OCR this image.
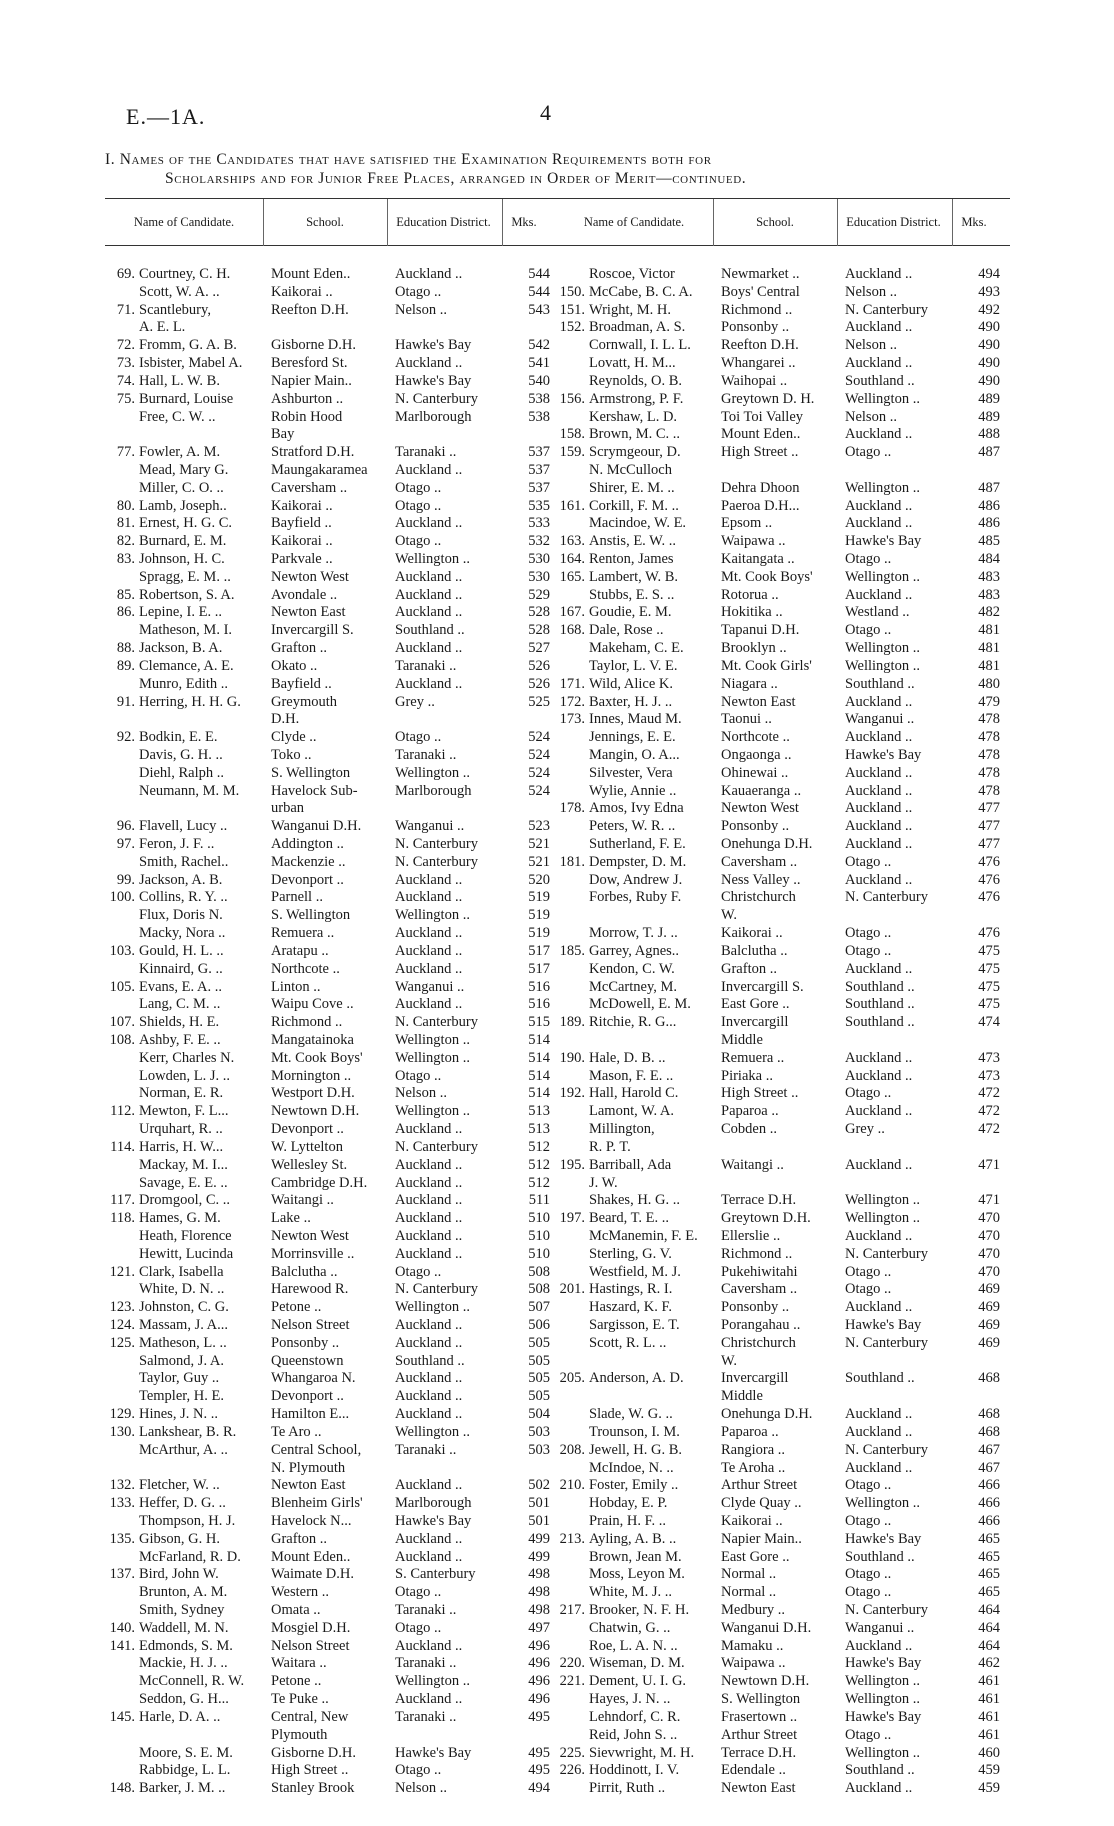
E.—1A.	4
I. Names of the Candidates that have satisfied the Examination Requirements both for
Scholarships and for Junior Free Places, arranged in Order of Merit—continued.
Name of Candidate.	School.	Education District.	Mks.
69. Courtney, C. H.	Mount Eden..	Auckland ..	544
Scott, W. A. ..	Kaikorai ..	Otago ..	544
71. Scantlebury,	Reefton D.H.	Nelson ..	543
A. E. L.
72. Fromm, G. A. B.	Gisborne D.H.	Hawke's Bay	542
73. Isbister, Mabel A.	Beresford St.	Auckland ..	541
74. Hall, L. W. B.	Napier Main..	Hawke's Bay	540
75. Burnard, Louise	Ashburton ..	N. Canterbury	538
Free, C. W. ..	Robin Hood	Marlborough	538
Bay
77. Fowler, A. M.	Stratford D.H.	Taranaki ..	537
Mead, Mary G.	Maungakaramea	Auckland ..	537
Miller, C. O. ..	Caversham ..	Otago ..	537
80. Lamb, Joseph..	Kaikorai ..	Otago ..	535
81. Ernest, H. G. C.	Bayfield ..	Auckland ..	533
82. Burnard, E. M.	Kaikorai ..	Otago ..	532
83. Johnson, H. C.	Parkvale ..	Wellington ..	530
Spragg, E. M. ..	Newton West	Auckland ..	530
85. Robertson, S. A.	Avondale ..	Auckland ..	529
86. Lepine, I. E. ..	Newton East	Auckland ..	528
Matheson, M. I.	Invercargill S.	Southland ..	528
88. Jackson, B. A.	Grafton ..	Auckland ..	527
89. Clemance, A. E.	Okato ..	Taranaki ..	526
Munro, Edith ..	Bayfield ..	Auckland ..	526
91. Herring, H. H. G.	Greymouth	Grey ..	525
D.H.
92. Bodkin, E. E.	Clyde ..	Otago ..	524
Davis, G. H. ..	Toko ..	Taranaki ..	524
Diehl, Ralph ..	S. Wellington	Wellington ..	524
Neumann, M. M.	Havelock Sub-	Marlborough	524
urban
96. Flavell, Lucy ..	Wanganui D.H.	Wanganui ..	523
97. Feron, J. F. ..	Addington ..	N. Canterbury	521
Smith, Rachel..	Mackenzie ..	N. Canterbury	521
99. Jackson, A. B.	Devonport ..	Auckland ..	520
100. Collins, R. Y. ..	Parnell ..	Auckland ..	519
Flux, Doris N.	S. Wellington	Wellington ..	519
Macky, Nora ..	Remuera ..	Auckland ..	519
103. Gould, H. L. ..	Aratapu ..	Auckland ..	517
Kinnaird, G. ..	Northcote ..	Auckland ..	517
105. Evans, E. A. ..	Linton ..	Wanganui ..	516
Lang, C. M. ..	Waipu Cove ..	Auckland ..	516
107. Shields, H. E.	Richmond ..	N. Canterbury	515
108. Ashby, F. E. ..	Mangatainoka	Wellington ..	514
Kerr, Charles N.	Mt. Cook Boys'	Wellington ..	514
Lowden, L. J. ..	Mornington ..	Otago ..	514
Norman, E. R.	Westport D.H.	Nelson ..	514
112. Mewton, F. L...	Newtown D.H.	Wellington ..	513
Urquhart, R. ..	Devonport ..	Auckland ..	513
114. Harris, H. W...	W. Lyttelton	N. Canterbury	512
Mackay, M. I...	Wellesley St.	Auckland ..	512
Savage, E. E. ..	Cambridge D.H.	Auckland ..	512
117. Dromgool, C. ..	Waitangi ..	Auckland ..	511
118. Hames, G. M.	Lake ..	Auckland ..	510
Heath, Florence	Newton West	Auckland ..	510
Hewitt, Lucinda	Morrinsville ..	Auckland ..	510
121. Clark, Isabella	Balclutha ..	Otago ..	508
White, D. N. ..	Harewood R.	N. Canterbury	508
123. Johnston, C. G.	Petone ..	Wellington ..	507
124. Massam, J. A...	Nelson Street	Auckland ..	506
125. Matheson, L. ..	Ponsonby ..	Auckland ..	505
Salmond, J. A.	Queenstown	Southland ..	505
Taylor, Guy ..	Whangaroa N.	Auckland ..	505
Templer, H. E.	Devonport ..	Auckland ..	505
129. Hines, J. N. ..	Hamilton E...	Auckland ..	504
130. Lankshear, B. R.	Te Aro ..	Wellington ..	503
McArthur, A. ..	Central School,	Taranaki ..	503
N. Plymouth
132. Fletcher, W. ..	Newton East	Auckland ..	502
133. Heffer, D. G. ..	Blenheim Girls'	Marlborough	501
Thompson, H. J.	Havelock N...	Hawke's Bay	501
135. Gibson, G. H.	Grafton ..	Auckland ..	499
McFarland, R. D.	Mount Eden..	Auckland ..	499
137. Bird, John W.	Waimate D.H.	S. Canterbury	498
Brunton, A. M.	Western ..	Otago ..	498
Smith, Sydney	Omata ..	Taranaki ..	498
140. Waddell, M. N.	Mosgiel D.H.	Otago ..	497
141. Edmonds, S. M.	Nelson Street	Auckland ..	496
Mackie, H. J. ..	Waitara ..	Taranaki ..	496
McConnell, R. W.	Petone ..	Wellington ..	496
Seddon, G. H...	Te Puke ..	Auckland ..	496
145. Harle, D. A. ..	Central, New	Taranaki ..	495
Plymouth
Moore, S. E. M.	Gisborne D.H.	Hawke's Bay	495
Rabbidge, L. L.	High Street ..	Otago ..	495
148. Barker, J. M. ..	Stanley Brook	Nelson ..	494
Name of Candidate.	School.	Education District.	Mks.
Roscoe, Victor	Newmarket ..	Auckland ..	494
150. McCabe, B. C. A.	Boys' Central	Nelson ..	493
151. Wright, M. H.	Richmond ..	N. Canterbury	492
152. Broadman, A. S.	Ponsonby ..	Auckland ..	490
Cornwall, I. L. L.	Reefton D.H.	Nelson ..	490
Lovatt, H. M...	Whangarei ..	Auckland ..	490
Reynolds, O. B.	Waihopai ..	Southland ..	490
156. Armstrong, P. F.	Greytown D. H.	Wellington ..	489
Kershaw, L. D.	Toi Toi Valley	Nelson ..	489
158. Brown, M. C. ..	Mount Eden..	Auckland ..	488
159. Scrymgeour, D.	High Street ..	Otago ..	487
N. McCulloch
Shirer, E. M. ..	Dehra Dhoon	Wellington ..	487
161. Corkill, F. M. ..	Paeroa D.H...	Auckland ..	486
Macindoe, W. E.	Epsom ..	Auckland ..	486
163. Anstis, E. W. ..	Waipawa ..	Hawke's Bay	485
164. Renton, James	Kaitangata ..	Otago ..	484
165. Lambert, W. B.	Mt. Cook Boys'	Wellington ..	483
Stubbs, E. S. ..	Rotorua ..	Auckland ..	483
167. Goudie, E. M.	Hokitika ..	Westland ..	482
168. Dale, Rose ..	Tapanui D.H.	Otago ..	481
Makeham, C. E.	Brooklyn ..	Wellington ..	481
Taylor, L. V. E.	Mt. Cook Girls'	Wellington ..	481
171. Wild, Alice K.	Niagara ..	Southland ..	480
172. Baxter, H. J. ..	Newton East	Auckland ..	479
173. Innes, Maud M.	Taonui ..	Wanganui ..	478
Jennings, E. E.	Northcote ..	Auckland ..	478
Mangin, O. A...	Ongaonga ..	Hawke's Bay	478
Silvester, Vera	Ohinewai ..	Auckland ..	478
Wylie, Annie ..	Kauaeranga ..	Auckland ..	478
178. Amos, Ivy Edna	Newton West	Auckland ..	477
Peters, W. R. ..	Ponsonby ..	Auckland ..	477
Sutherland, F. E.	Onehunga D.H.	Auckland ..	477
181. Dempster, D. M.	Caversham ..	Otago ..	476
Dow, Andrew J.	Ness Valley ..	Auckland ..	476
Forbes, Ruby F.	Christchurch	N. Canterbury	476
W.
Morrow, T. J. ..	Kaikorai ..	Otago ..	476
185. Garrey, Agnes..	Balclutha ..	Otago ..	475
Kendon, C. W.	Grafton ..	Auckland ..	475
McCartney, M.	Invercargill S.	Southland ..	475
McDowell, E. M.	East Gore ..	Southland ..	475
189. Ritchie, R. G...	Invercargill	Southland ..	474
Middle
190. Hale, D. B. ..	Remuera ..	Auckland ..	473
Mason, F. E. ..	Piriaka ..	Auckland ..	473
192. Hall, Harold C.	High Street ..	Otago ..	472
Lamont, W. A.	Paparoa ..	Auckland ..	472
Millington,	Cobden ..	Grey ..	472
R. P. T.
195. Barriball, Ada	Waitangi ..	Auckland ..	471
J. W.
Shakes, H. G. ..	Terrace D.H.	Wellington ..	471
197. Beard, T. E. ..	Greytown D.H.	Wellington ..	470
McManemin, F. E.	Ellerslie ..	Auckland ..	470
Sterling, G. V.	Richmond ..	N. Canterbury	470
Westfield, M. J.	Pukehiwitahi	Otago ..	470
201. Hastings, R. I.	Caversham ..	Otago ..	469
Haszard, K. F.	Ponsonby ..	Auckland ..	469
Sargisson, E. T.	Porangahau ..	Hawke's Bay	469
Scott, R. L. ..	Christchurch	N. Canterbury	469
W.
205. Anderson, A. D.	Invercargill	Southland ..	468
Middle
Slade, W. G. ..	Onehunga D.H.	Auckland ..	468
Trounson, I. M.	Paparoa ..	Auckland ..	468
208. Jewell, H. G. B.	Rangiora ..	N. Canterbury	467
McIndoe, N. ..	Te Aroha ..	Auckland ..	467
210. Foster, Emily ..	Arthur Street	Otago ..	466
Hobday, E. P.	Clyde Quay ..	Wellington ..	466
Prain, H. F. ..	Kaikorai ..	Otago ..	466
213. Ayling, A. B. ..	Napier Main..	Hawke's Bay	465
Brown, Jean M.	East Gore ..	Southland ..	465
Moss, Leyon M.	Normal ..	Otago ..	465
White, M. J. ..	Normal ..	Otago ..	465
217. Brooker, N. F. H.	Medbury ..	N. Canterbury	464
Chatwin, G. ..	Wanganui D.H.	Wanganui ..	464
Roe, L. A. N. ..	Mamaku ..	Auckland ..	464
220. Wiseman, D. M.	Waipawa ..	Hawke's Bay	462
221. Dement, U. I. G.	Newtown D.H.	Wellington ..	461
Hayes, J. N. ..	S. Wellington	Wellington ..	461
Lehndorf, C. R.	Frasertown ..	Hawke's Bay	461
Reid, John S. ..	Arthur Street	Otago ..	461
225. Sievwright, M. H.	Terrace D.H.	Wellington ..	460
226. Hoddinott, I. V.	Edendale ..	Southland ..	459
Pirrit, Ruth ..	Newton East	Auckland ..	459
